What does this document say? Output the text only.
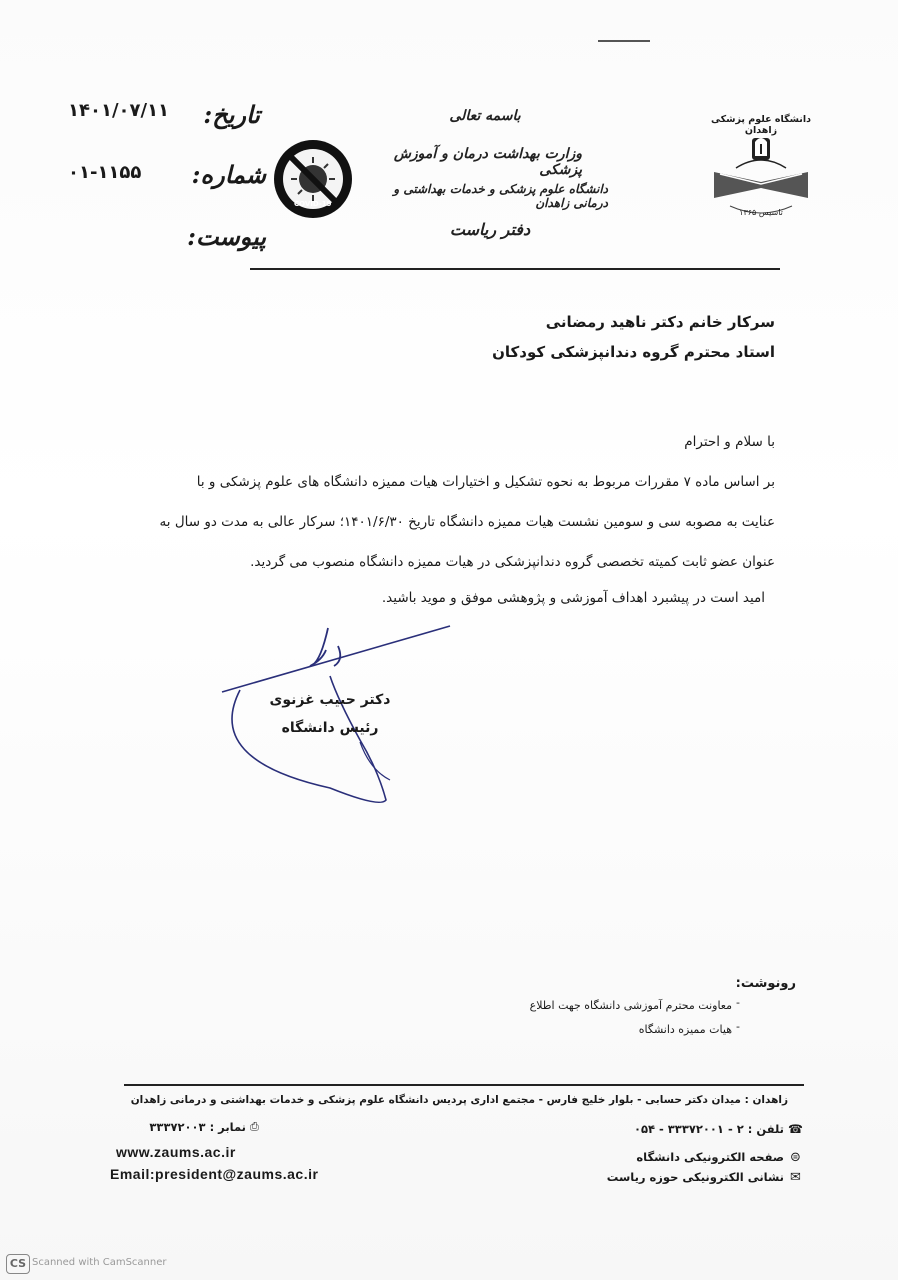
۱۴۰۱/۰۷/۱۱	تاریخ:
۰۱-۱۱۵۵ شماره:
پیوست:
COVID-19
باسمه تعالی
وزارت بهداشت درمان و آموزش پزشکی
دانشگاه علوم پزشکی و خدمات بهداشتی و درمانی زاهدان
دفتر ریاست
دانشگاه علوم پزشکی زاهدان
تاسیس ۱۳۶۵
سرکار خانم دکتر ناهید رمضانی
استاد محترم گروه دندانپزشکی کودکان
با سلام و احترام
بر اساس ماده ۷ مقررات مربوط به نحوه تشکیل و اختیارات هیات ممیزه دانشگاه های علوم پزشکی و با
عنایت به مصوبه سی و سومین نشست هیات ممیزه دانشگاه تاریخ ۱۴۰۱/۶/۳۰؛ سرکار عالی به مدت دو سال به
عنوان عضو ثابت کمیته تخصصی گروه دندانپزشکی در هیات ممیزه دانشگاه منصوب می گردید.
امید است در پیشبرد اهداف آموزشی و پژوهشی موفق و موید باشید.
دکتر حبیب غزنوی
رئیس دانشگاه
رونوشت:
معاونت محترم آموزشی دانشگاه جهت اطلاع -
هیات ممیزه دانشگاه -
زاهدان : میدان دکتر حسابی - بلوار خلیج فارس - مجتمع اداری پردیس دانشگاه علوم پزشکی و خدمات بهداشتی و درمانی زاهدان
☎
تلفن : ۲ - ۳۳۳۷۲۰۰۱ - ۰۵۴
⎙
نمابر : ۳۳۳۷۲۰۰۳
www.zaums.ac.ir
Email:president@zaums.ac.ir
⊜
صفحه الکترونیکی دانشگاه
✉
نشانی الکترونیکی حوزه ریاست
CS Scanned with CamScanner
